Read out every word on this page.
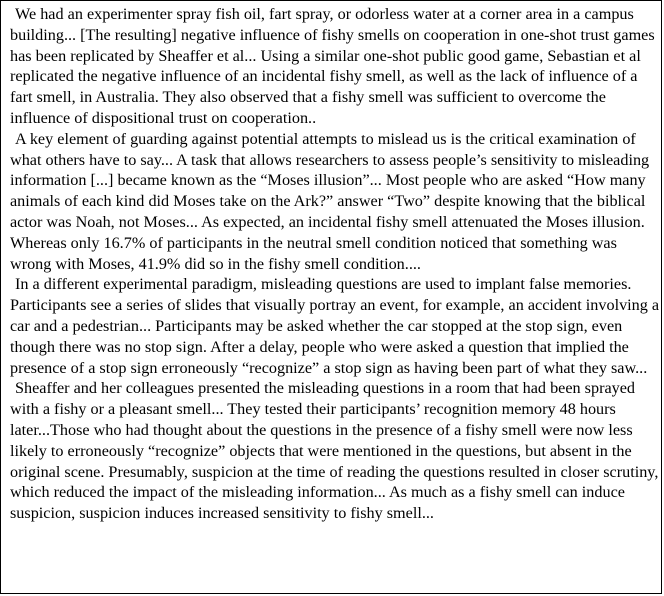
We had an experimenter spray fish oil, fart spray, or odorless water at a corner area in a campus building... [The resulting] negative influence of fishy smells on cooperation in one-shot trust games has been replicated by Sheaffer et al... Using a similar one-shot public good game, Sebastian et al replicated the negative influence of an incidental fishy smell, as well as the lack of influence of a fart smell, in Australia. They also observed that a fishy smell was sufficient to overcome the influence of dispositional trust on cooperation..

A key element of guarding against potential attempts to mislead us is the critical examination of what others have to say... A task that allows researchers to assess people’s sensitivity to misleading information [...] became known as the “Moses illusion”... Most people who are asked “How many animals of each kind did Moses take on the Ark?” answer “Two” despite knowing that the biblical actor was Noah, not Moses... As expected, an incidental fishy smell attenuated the Moses illusion. Whereas only 16.7% of participants in the neutral smell condition noticed that something was wrong with Moses, 41.9% did so in the fishy smell condition....

In a different experimental paradigm, misleading questions are used to implant false memories. Participants see a series of slides that visually portray an event, for example, an accident involving a car and a pedestrian... Participants may be asked whether the car stopped at the stop sign, even though there was no stop sign. After a delay, people who were asked a question that implied the presence of a stop sign erroneously “recognize” a stop sign as having been part of what they saw...

Sheaffer and her colleagues presented the misleading questions in a room that had been sprayed with a fishy or a pleasant smell... They tested their participants’ recognition memory 48 hours later...Those who had thought about the questions in the presence of a fishy smell were now less likely to erroneously “recognize” objects that were mentioned in the questions, but absent in the original scene. Presumably, suspicion at the time of reading the questions resulted in closer scrutiny, which reduced the impact of the misleading information... As much as a fishy smell can induce suspicion, suspicion induces increased sensitivity to fishy smell...
